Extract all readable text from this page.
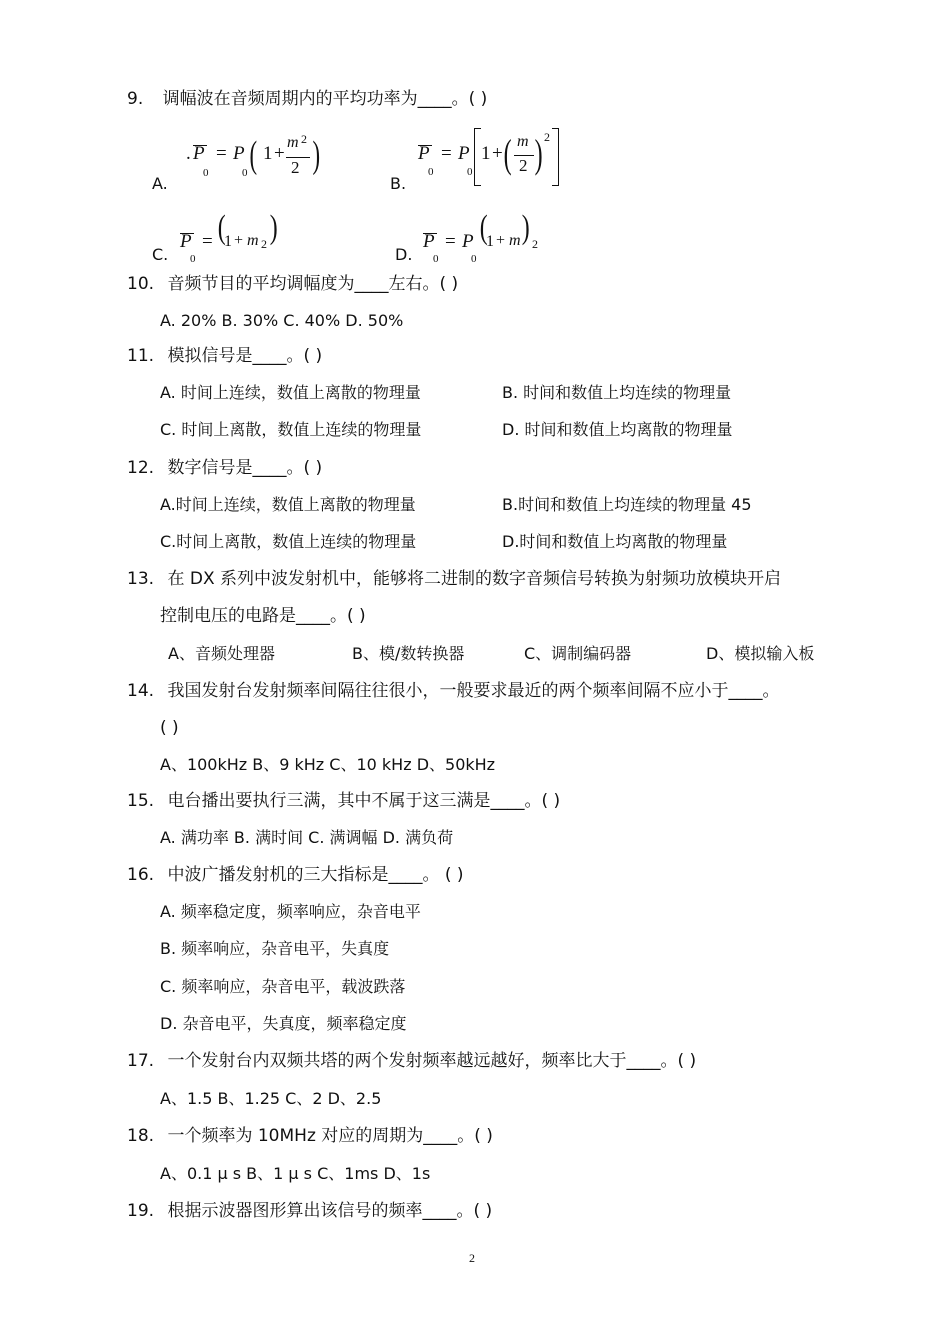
9. 调幅波在音频周期内的平均功率为____。( )
A.
. P
0
= P
0 ( 1 +
m 2
2 )
B.
P
0
= P
0
1 + ( m
2 ) 2
C.
P
0
= (
1 + m 2 )
D.
P
0
= P
0
(
1 + m ) 2
10. 音频节目的平均调幅度为____左右。( )
A. 20% B. 30% C. 40% D. 50%
11. 模拟信号是____。( )
A. 时间上连续，数值上离散的物理量	B. 时间和数值上均连续的物理量
C. 时间上离散，数值上连续的物理量	D. 时间和数值上均离散的物理量
12. 数字信号是____。( )
A.时间上连续，数值上离散的物理量	B.时间和数值上均连续的物理量 45
C.时间上离散，数值上连续的物理量	D.时间和数值上均离散的物理量
13. 在 DX 系列中波发射机中，能够将二进制的数字音频信号转换为射频功放模块开启
控制电压的电路是____。( )
A、音频处理器	B、模/数转换器	C、调制编码器	D、模拟输入板
14. 我国发射台发射频率间隔往往很小，一般要求最近的两个频率间隔不应小于____。
( )
A、100kHz B、9 kHz C、10 kHz D、50kHz
15. 电台播出要执行三满，其中不属于这三满是____。( )
A. 满功率 B. 满时间 C. 满调幅 D. 满负荷
16. 中波广播发射机的三大指标是____。 ( )
A. 频率稳定度，频率响应，杂音电平
B. 频率响应，杂音电平，失真度
C. 频率响应，杂音电平，载波跌落
D. 杂音电平，失真度，频率稳定度
17. 一个发射台内双频共塔的两个发射频率越远越好，频率比大于____。( )
A、1.5 B、1.25 C、2 D、2.5
18. 一个频率为 10MHz 对应的周期为____。( )
A、0.1 μ s B、1 μ s C、1ms D、1s
19. 根据示波器图形算出该信号的频率____。( )
2
